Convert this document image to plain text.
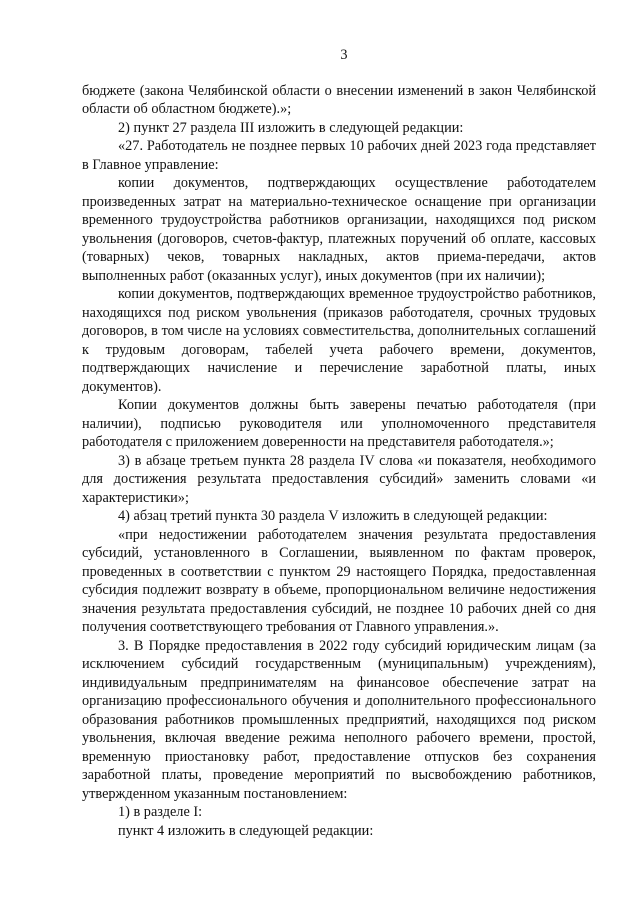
3

бюджете (закона Челябинской области о внесении изменений в закон Челябинской области об областном бюджете).»;

2) пункт 27 раздела III изложить в следующей редакции:

«27. Работодатель не позднее первых 10 рабочих дней 2023 года представляет в Главное управление:

копии документов, подтверждающих осуществление работодателем произведенных затрат на материально-техническое оснащение при организации временного трудоустройства работников организации, находящихся под риском увольнения (договоров, счетов-фактур, платежных поручений об оплате, кассовых (товарных) чеков, товарных накладных, актов приема-передачи, актов выполненных работ (оказанных услуг), иных документов (при их наличии);

копии документов, подтверждающих временное трудоустройство работников, находящихся под риском увольнения (приказов работодателя, срочных трудовых договоров, в том числе на условиях совместительства, дополнительных соглашений к трудовым договорам, табелей учета рабочего времени, документов, подтверждающих начисление и перечисление заработной платы, иных документов).

Копии документов должны быть заверены печатью работодателя (при наличии), подписью руководителя или уполномоченного представителя работодателя с приложением доверенности на представителя работодателя.»;

3) в абзаце третьем пункта 28 раздела IV слова «и показателя, необходимого для достижения результата предоставления субсидий» заменить словами «и характеристики»;

4) абзац третий пункта 30 раздела V изложить в следующей редакции:

«при недостижении работодателем значения результата предоставления субсидий, установленного в Соглашении, выявленном по фактам проверок, проведенных в соответствии с пунктом 29 настоящего Порядка, предоставленная субсидия подлежит возврату в объеме, пропорциональном величине недостижения значения результата предоставления субсидий, не позднее 10 рабочих дней со дня получения соответствующего требования от Главного управления.».

3. В Порядке предоставления в 2022 году субсидий юридическим лицам (за исключением субсидий государственным (муниципальным) учреждениям), индивидуальным предпринимателям на финансовое обеспечение затрат на организацию профессионального обучения и дополнительного профессионального образования работников промышленных предприятий, находящихся под риском увольнения, включая введение режима неполного рабочего времени, простой, временную приостановку работ, предоставление отпусков без сохранения заработной платы, проведение мероприятий по высвобождению работников, утвержденном указанным постановлением:

1) в разделе I:

пункт 4 изложить в следующей редакции:
